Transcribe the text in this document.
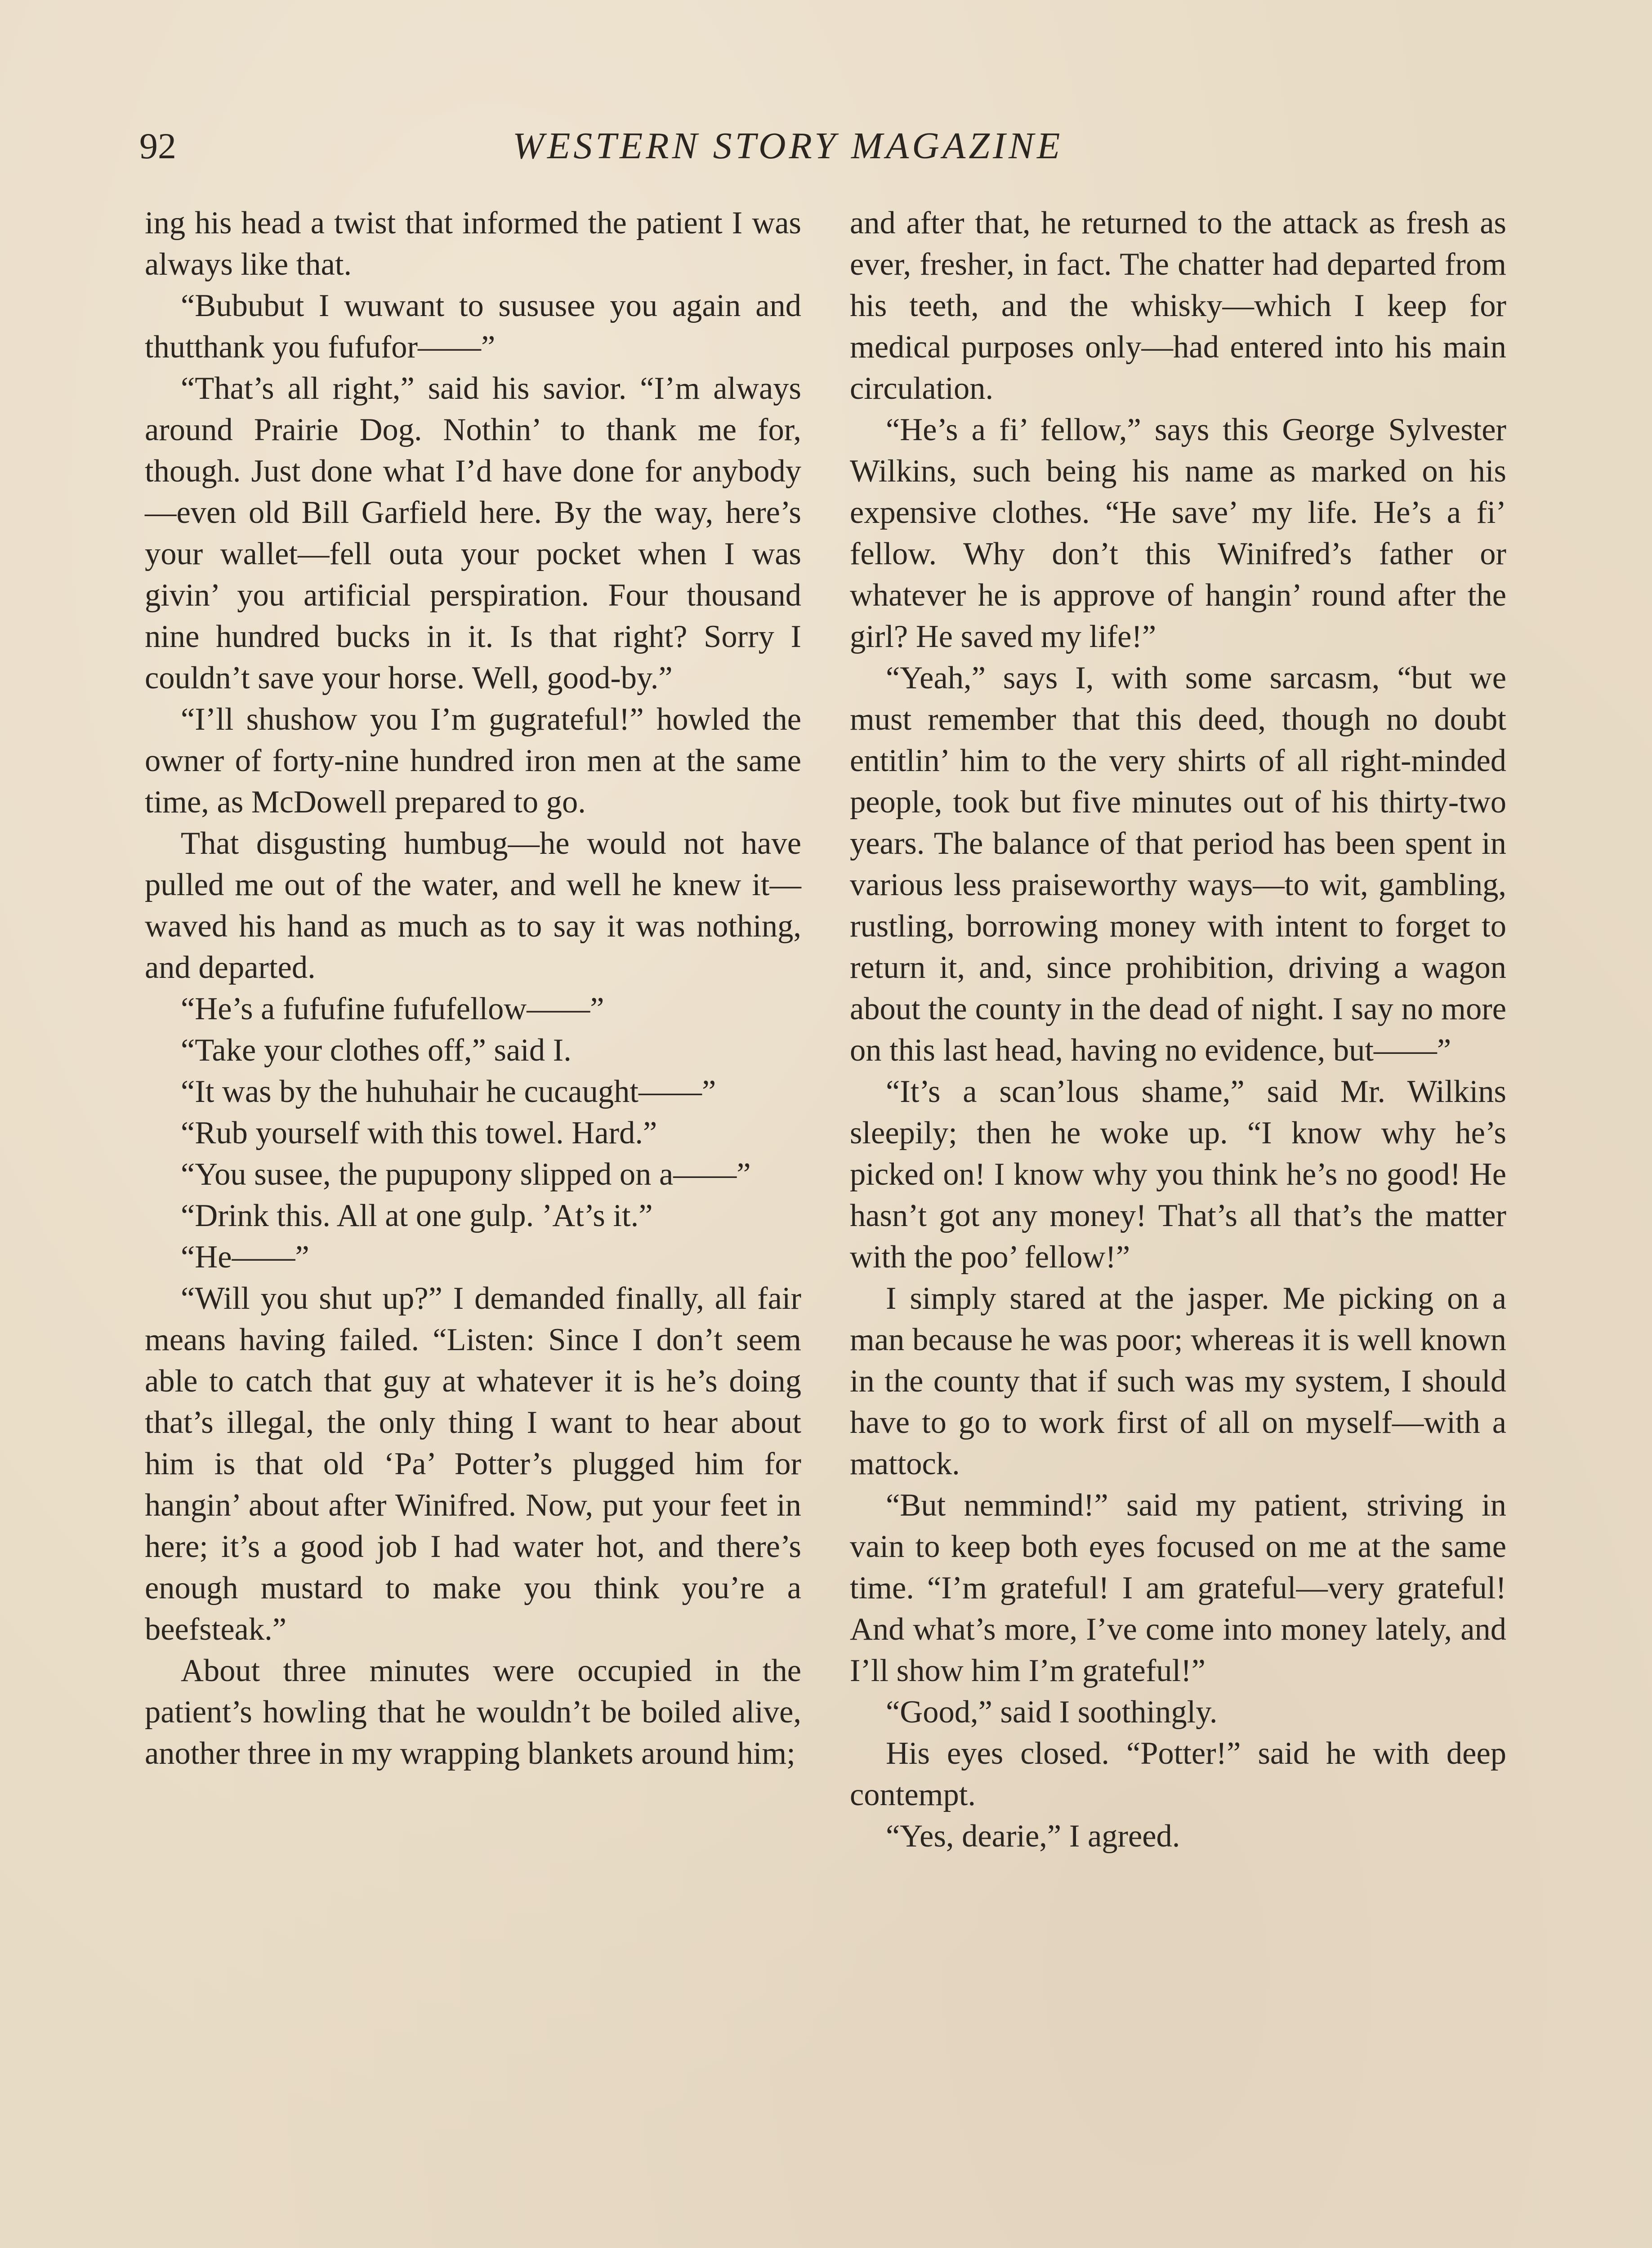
92	WESTERN STORY MAGAZINE

ing his head a twist that informed the patient I was always like that.

“Bububut I wuwant to sususee you again and thutthank you fufufor——”

“That’s all right,” said his savior. “I’m always around Prairie Dog. Nothin’ to thank me for, though. Just done what I’d have done for anybody—even old Bill Garfield here. By the way, here’s your wallet—fell outa your pocket when I was givin’ you artificial perspiration. Four thousand nine hundred bucks in it. Is that right? Sorry I couldn’t save your horse. Well, good-by.”

“I’ll shushow you I’m gugrateful!” howled the owner of forty-nine hundred iron men at the same time, as McDowell prepared to go.

That disgusting humbug—he would not have pulled me out of the water, and well he knew it—waved his hand as much as to say it was nothing, and departed.

“He’s a fufufine fufufellow——”

“Take your clothes off,” said I.

“It was by the huhuhair he cucaught——”

“Rub yourself with this towel. Hard.”

“You susee, the pupupony slipped on a——”

“Drink this. All at one gulp. ’At’s it.”

“He——”

“Will you shut up?” I demanded finally, all fair means having failed. “Listen: Since I don’t seem able to catch that guy at whatever it is he’s doing that’s illegal, the only thing I want to hear about him is that old ‘Pa’ Potter’s plugged him for hangin’ about after Winifred. Now, put your feet in here; it’s a good job I had water hot, and there’s enough mustard to make you think you’re a beefsteak.”

About three minutes were occupied in the patient’s howling that he wouldn’t be boiled alive, another three in my wrapping blankets around him;

and after that, he returned to the attack as fresh as ever, fresher, in fact. The chatter had departed from his teeth, and the whisky—which I keep for medical purposes only—had entered into his main circulation.

“He’s a fi’ fellow,” says this George Sylvester Wilkins, such being his name as marked on his expensive clothes. “He save’ my life. He’s a fi’ fellow. Why don’t this Winifred’s father or whatever he is approve of hangin’ round after the girl? He saved my life!”

“Yeah,” says I, with some sarcasm, “but we must remember that this deed, though no doubt entitlin’ him to the very shirts of all right-minded people, took but five minutes out of his thirty-two years. The balance of that period has been spent in various less praiseworthy ways—to wit, gambling, rustling, borrowing money with intent to forget to return it, and, since prohibition, driving a wagon about the county in the dead of night. I say no more on this last head, having no evidence, but——”

“It’s a scan’lous shame,” said Mr. Wilkins sleepily; then he woke up. “I know why he’s picked on! I know why you think he’s no good! He hasn’t got any money! That’s all that’s the matter with the poo’ fellow!”

I simply stared at the jasper. Me picking on a man because he was poor; whereas it is well known in the county that if such was my system, I should have to go to work first of all on myself—with a mattock.

“But nemmind!” said my patient, striving in vain to keep both eyes focused on me at the same time. “I’m grateful! I am grateful—very grateful! And what’s more, I’ve come into money lately, and I’ll show him I’m grateful!”

“Good,” said I soothingly.

His eyes closed. “Potter!” said he with deep contempt.

“Yes, dearie,” I agreed.
